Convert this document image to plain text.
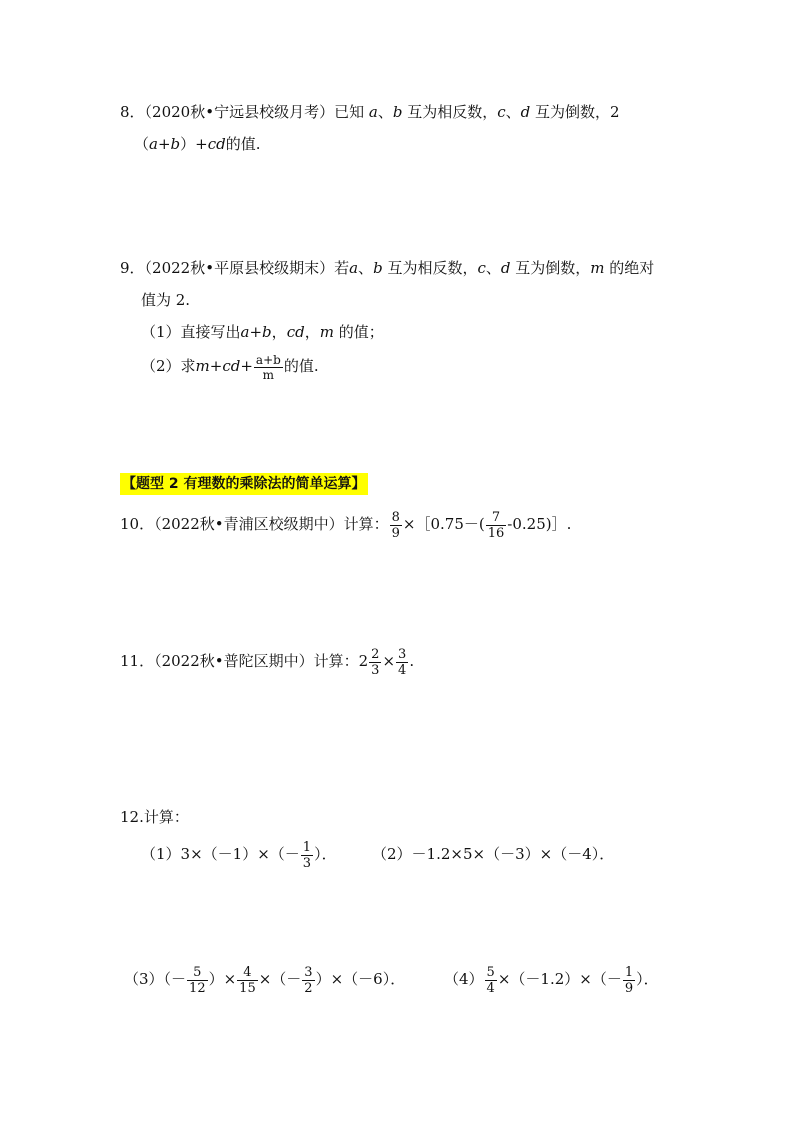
8．（2020秋•宁远县校级月考）已知 a、b 互为相反数，c、d 互为倒数，2
（a+b）+cd的值.
9．（2022秋•平原县校级期末）若a、b 互为相反数，c、d 互为倒数，m 的绝对
值为 2.
（1）直接写出a+b，cd，m 的值；
（2）求$m+cd+ \frac{a+b}{m}$ 的值.
【题型 2 有理数的乘除法的简单运算】
10．（2022秋•青浦区校级期中）计算： $\frac{8}{9}$ ×［0.75－( $\frac{7}{16}$ -0.25)］.
11．（2022秋•普陀区期中）计算：$2 \frac{2}{3} \times \frac{3}{4}$ .
12.计算：
$(1)3\times(-1)\times(- \frac{1}{3}$ ）． （2）－1.2×5×（－3）×（－4）．
$(3)(- \frac{5}{12}$ ）× $\frac{4}{15}$ ×（－ $\frac{3}{2} )\times(-6)$．	$(4) \frac{5}{4} \times(-1.2)\times(- \frac{1}{9}$ ）．
